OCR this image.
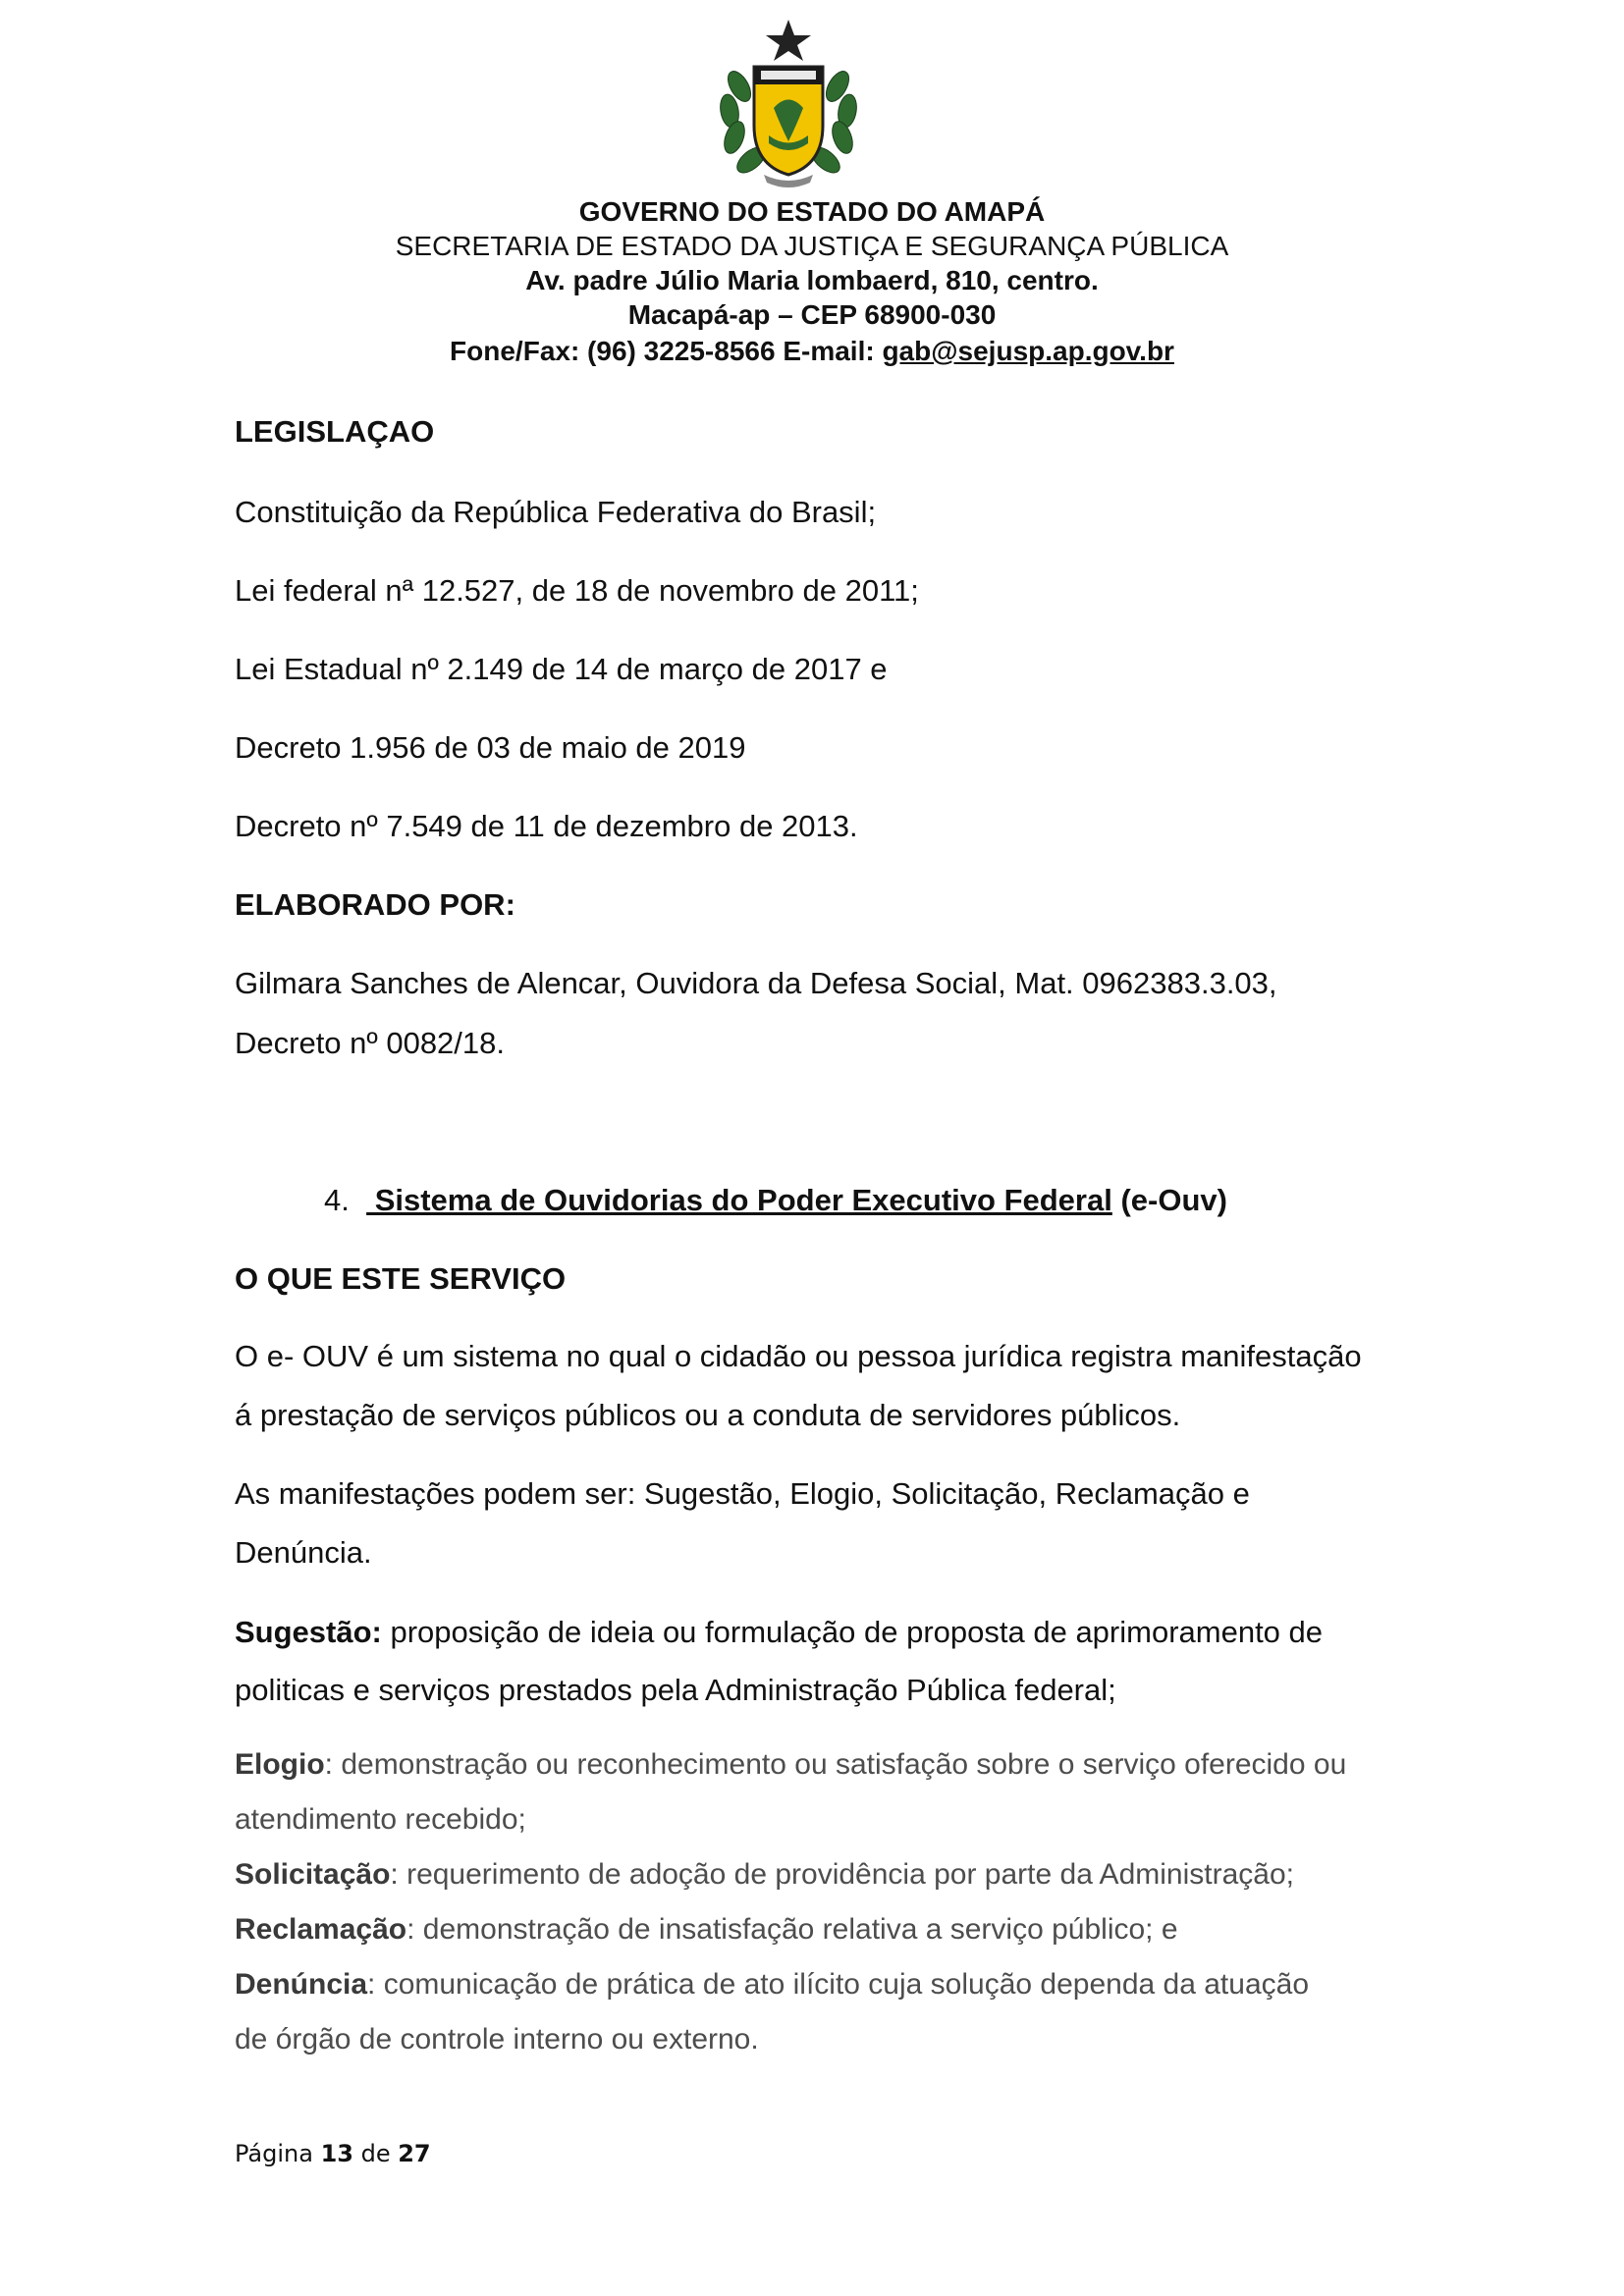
GOVERNO DO ESTADO DO AMAPÁ
SECRETARIA DE ESTADO DA JUSTIÇA E SEGURANÇA PÚBLICA
Av. padre Júlio Maria lombaerd, 810, centro.
Macapá-ap – CEP 68900-030
Fone/Fax: (96) 3225-8566 E-mail: gab@sejusp.ap.gov.br
LEGISLAÇAO
Constituição da República Federativa do Brasil;
Lei federal nª 12.527, de 18 de novembro de 2011;
Lei Estadual nº 2.149 de 14 de março de 2017 e
Decreto 1.956 de 03 de maio de 2019
Decreto nº 7.549 de 11 de dezembro de 2013.
ELABORADO POR:
Gilmara Sanches de Alencar, Ouvidora da Defesa Social, Mat. 0962383.3.03,
Decreto nº 0082/18.
4.   Sistema de Ouvidorias do Poder Executivo Federal (e-Ouv)
O QUE ESTE SERVIÇO
O e- OUV é um sistema no qual o cidadão ou pessoa jurídica registra manifestação
á prestação de serviços públicos ou a conduta de servidores públicos.
As manifestações podem ser: Sugestão, Elogio, Solicitação, Reclamação e
Denúncia.
Sugestão: proposição de ideia ou formulação de proposta de aprimoramento de
politicas e serviços prestados pela Administração Pública federal;
Elogio: demonstração ou reconhecimento ou satisfação sobre o serviço oferecido ou
atendimento recebido;
Solicitação: requerimento de adoção de providência por parte da Administração;
Reclamação: demonstração de insatisfação relativa a serviço público; e
Denúncia: comunicação de prática de ato ilícito cuja solução dependa da atuação
de órgão de controle interno ou externo.
Página 13 de 27
